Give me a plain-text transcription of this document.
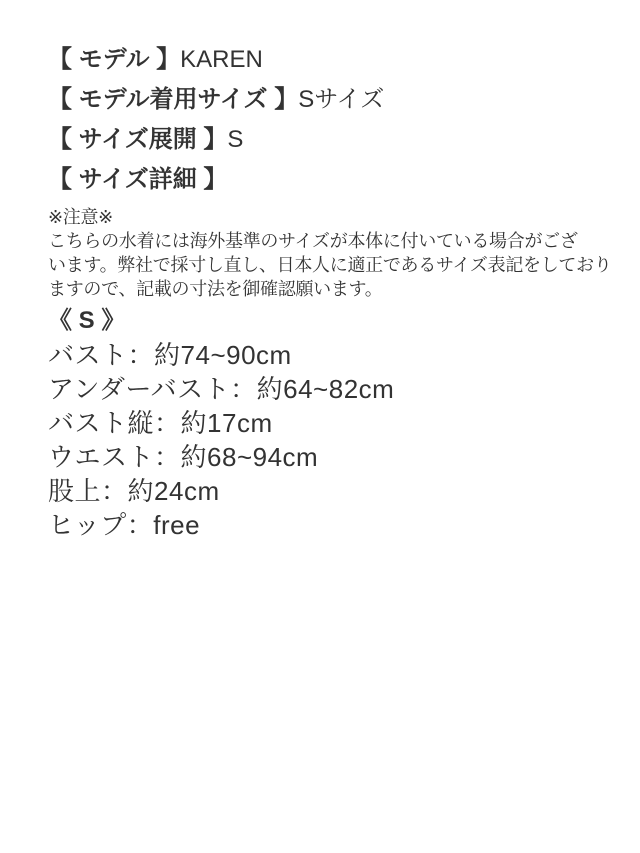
【 モデル 】KAREN
【 モデル着用サイズ 】Sサイズ
【 サイズ展開 】S
【 サイズ詳細 】
※注意※
こちらの水着には海外基準のサイズが本体に付いている場合がござ
います。弊社で採寸し直し、日本人に適正であるサイズ表記をしており
ますので、記載の寸法を御確認願います。
《 S 》
バスト：約74~90cm
アンダーバスト：約64~82cm
バスト縦：約17cm
ウエスト：約68~94cm
股上：約24cm
ヒップ：free
